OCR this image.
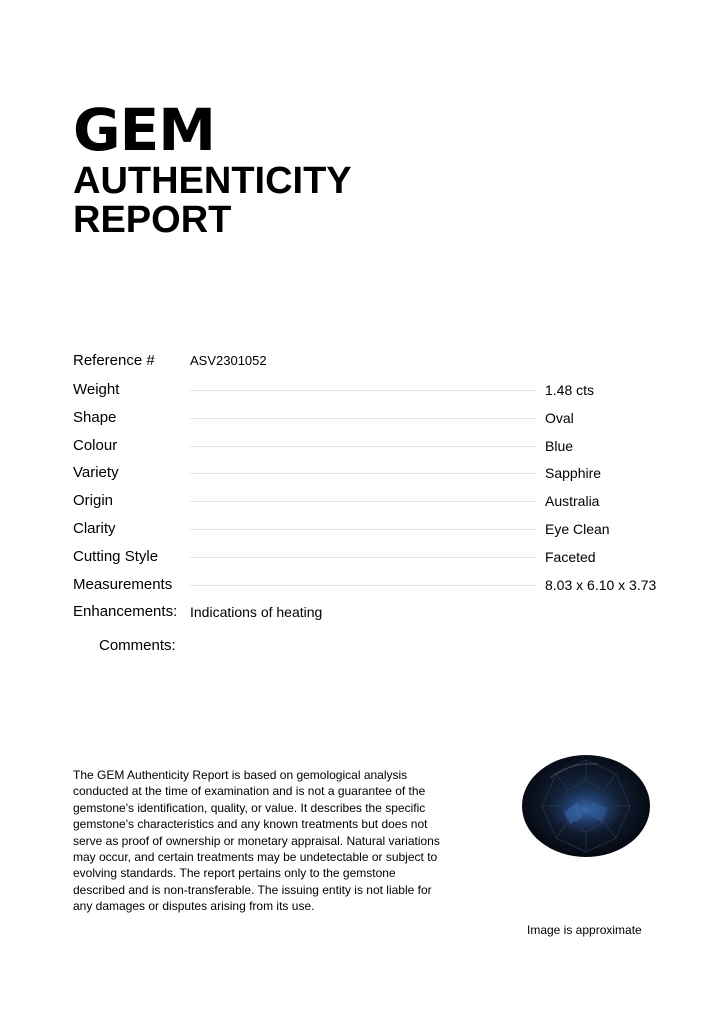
GEM
AUTHENTICITY
REPORT
Reference #	ASV2301052
Weight	1.48 cts
Shape	Oval
Colour	Blue
Variety	Sapphire
Origin	Australia
Clarity	Eye Clean
Cutting Style	Faceted
Measurements	8.03 x 6.10 x 3.73
Enhancements: Indications of heating
Comments:

The GEM Authenticity Report is based on gemological analysis conducted at the time of examination and is not a guarantee of the gemstone's identification, quality, or value. It describes the specific gemstone's characteristics and any known treatments but does not serve as proof of ownership or monetary appraisal. Natural variations may occur, and certain treatments may be undetectable or subject to evolving standards. The report pertains only to the gemstone described and is non-transferable. The issuing entity is not liable for any damages or disputes arising from its use.

Image is approximate
